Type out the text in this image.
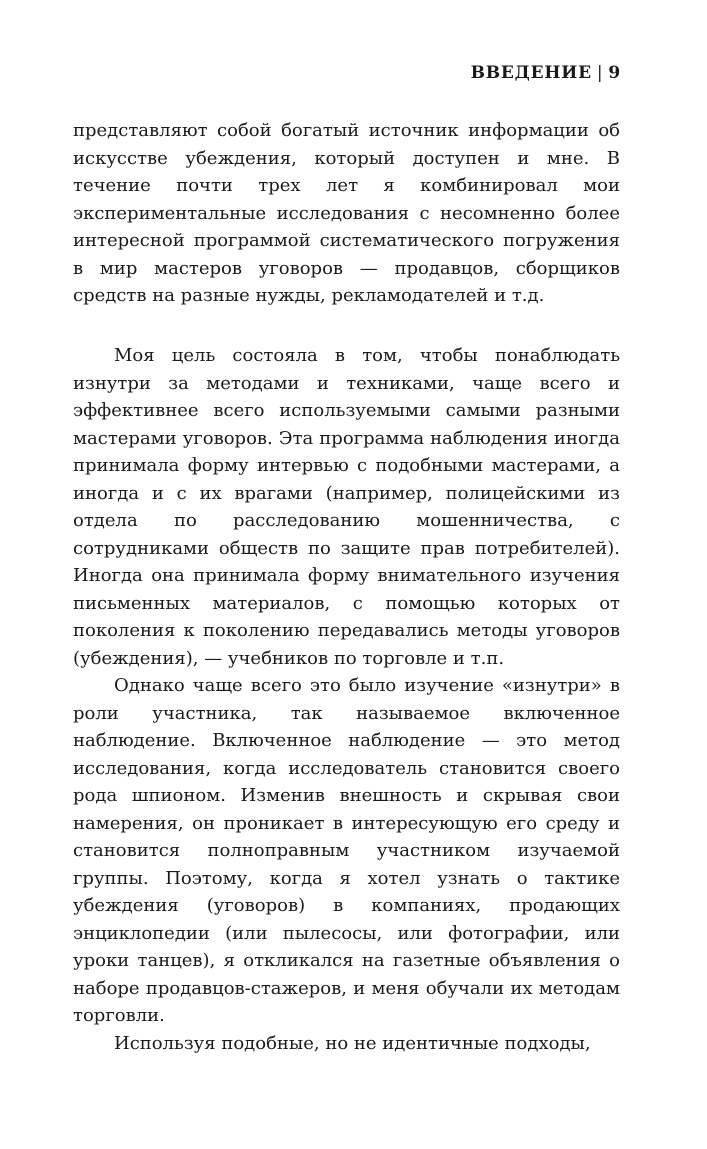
ВВЕДЕНИЕ | 9

представляют собой богатый источник информации об искусстве убеждения, который доступен и мне. В течение почти трех лет я комбинировал мои экспериментальные исследования с несомненно более интересной программой систематического погружения в мир мастеров уговоров — продавцов, сборщиков средств на разные нужды, рекламодателей и т.д.

Моя цель состояла в том, чтобы понаблюдать изнутри за методами и техниками, чаще всего и эффективнее всего используемыми самыми разными мастерами уговоров. Эта программа наблюдения иногда принимала форму интервью с подобными мастерами, а иногда и с их врагами (например, полицейскими из отдела по расследованию мошенничества, с сотрудниками обществ по защите прав потребителей). Иногда она принимала форму внимательного изучения письменных материалов, с помощью которых от поколения к поколению передавались методы уговоров (убеждения), — учебников по торговле и т.п.

Однако чаще всего это было изучение «изнутри» в роли участника, так называемое включенное наблюдение. Включенное наблюдение — это метод исследования, когда исследователь становится своего рода шпионом. Изменив внешность и скрывая свои намерения, он проникает в интересующую его среду и становится полноправным участником изучаемой группы. Поэтому, когда я хотел узнать о тактике убеждения (уговоров) в компаниях, продающих энциклопедии (или пылесосы, или фотографии, или уроки танцев), я откликался на газетные объявления о наборе продавцов-стажеров, и меня обучали их методам торговли.

Используя подобные, но не идентичные подходы,
